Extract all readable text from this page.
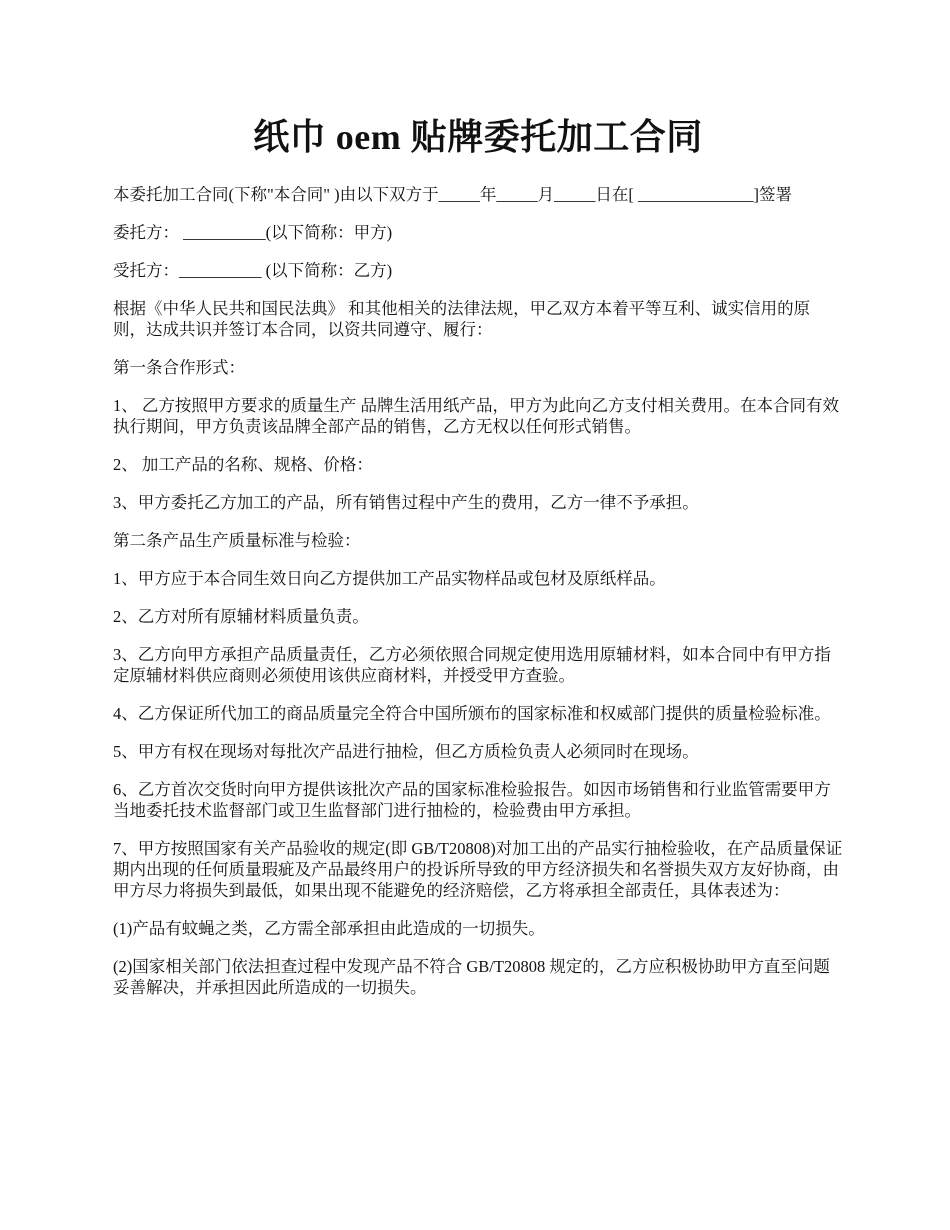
纸巾 oem 贴牌委托加工合同

本委托加工合同(下称"本合同" )由以下双方于_____年_____月_____日在[ ______________]签署

委托方： __________(以下简称：甲方)

受托方：__________ (以下简称：乙方)

根据《中华人民共和国民法典》 和其他相关的法律法规，甲乙双方本着平等互利、诚实信用的原则，达成共识并签订本合同，以资共同遵守、履行：

第一条合作形式：

1、 乙方按照甲方要求的质量生产 品牌生活用纸产品，甲方为此向乙方支付相关费用。在本合同有效执行期间，甲方负责该品牌全部产品的销售，乙方无权以任何形式销售。

2、 加工产品的名称、规格、价格：

3、甲方委托乙方加工的产品，所有销售过程中产生的费用，乙方一律不予承担。

第二条产品生产质量标准与检验：

1、甲方应于本合同生效日向乙方提供加工产品实物样品或包材及原纸样品。

2、乙方对所有原辅材料质量负责。

3、乙方向甲方承担产品质量责任，乙方必须依照合同规定使用选用原辅材料，如本合同中有甲方指定原辅材料供应商则必须使用该供应商材料，并授受甲方查验。

4、乙方保证所代加工的商品质量完全符合中国所颁布的国家标准和权威部门提供的质量检验标准。

5、甲方有权在现场对每批次产品进行抽检，但乙方质检负责人必须同时在现场。

6、乙方首次交货时向甲方提供该批次产品的国家标准检验报告。如因市场销售和行业监管需要甲方当地委托技术监督部门或卫生监督部门进行抽检的，检验费由甲方承担。

7、甲方按照国家有关产品验收的规定(即 GB/T20808)对加工出的产品实行抽检验收，在产品质量保证期内出现的任何质量瑕疵及产品最终用户的投诉所导致的甲方经济损失和名誉损失双方友好协商，由甲方尽力将损失到最低，如果出现不能避免的经济赔偿，乙方将承担全部责任，具体表述为：

(1)产品有蚊蝇之类，乙方需全部承担由此造成的一切损失。

(2)国家相关部门依法担查过程中发现产品不符合 GB/T20808 规定的，乙方应积极协助甲方直至问题妥善解决，并承担因此所造成的一切损失。
